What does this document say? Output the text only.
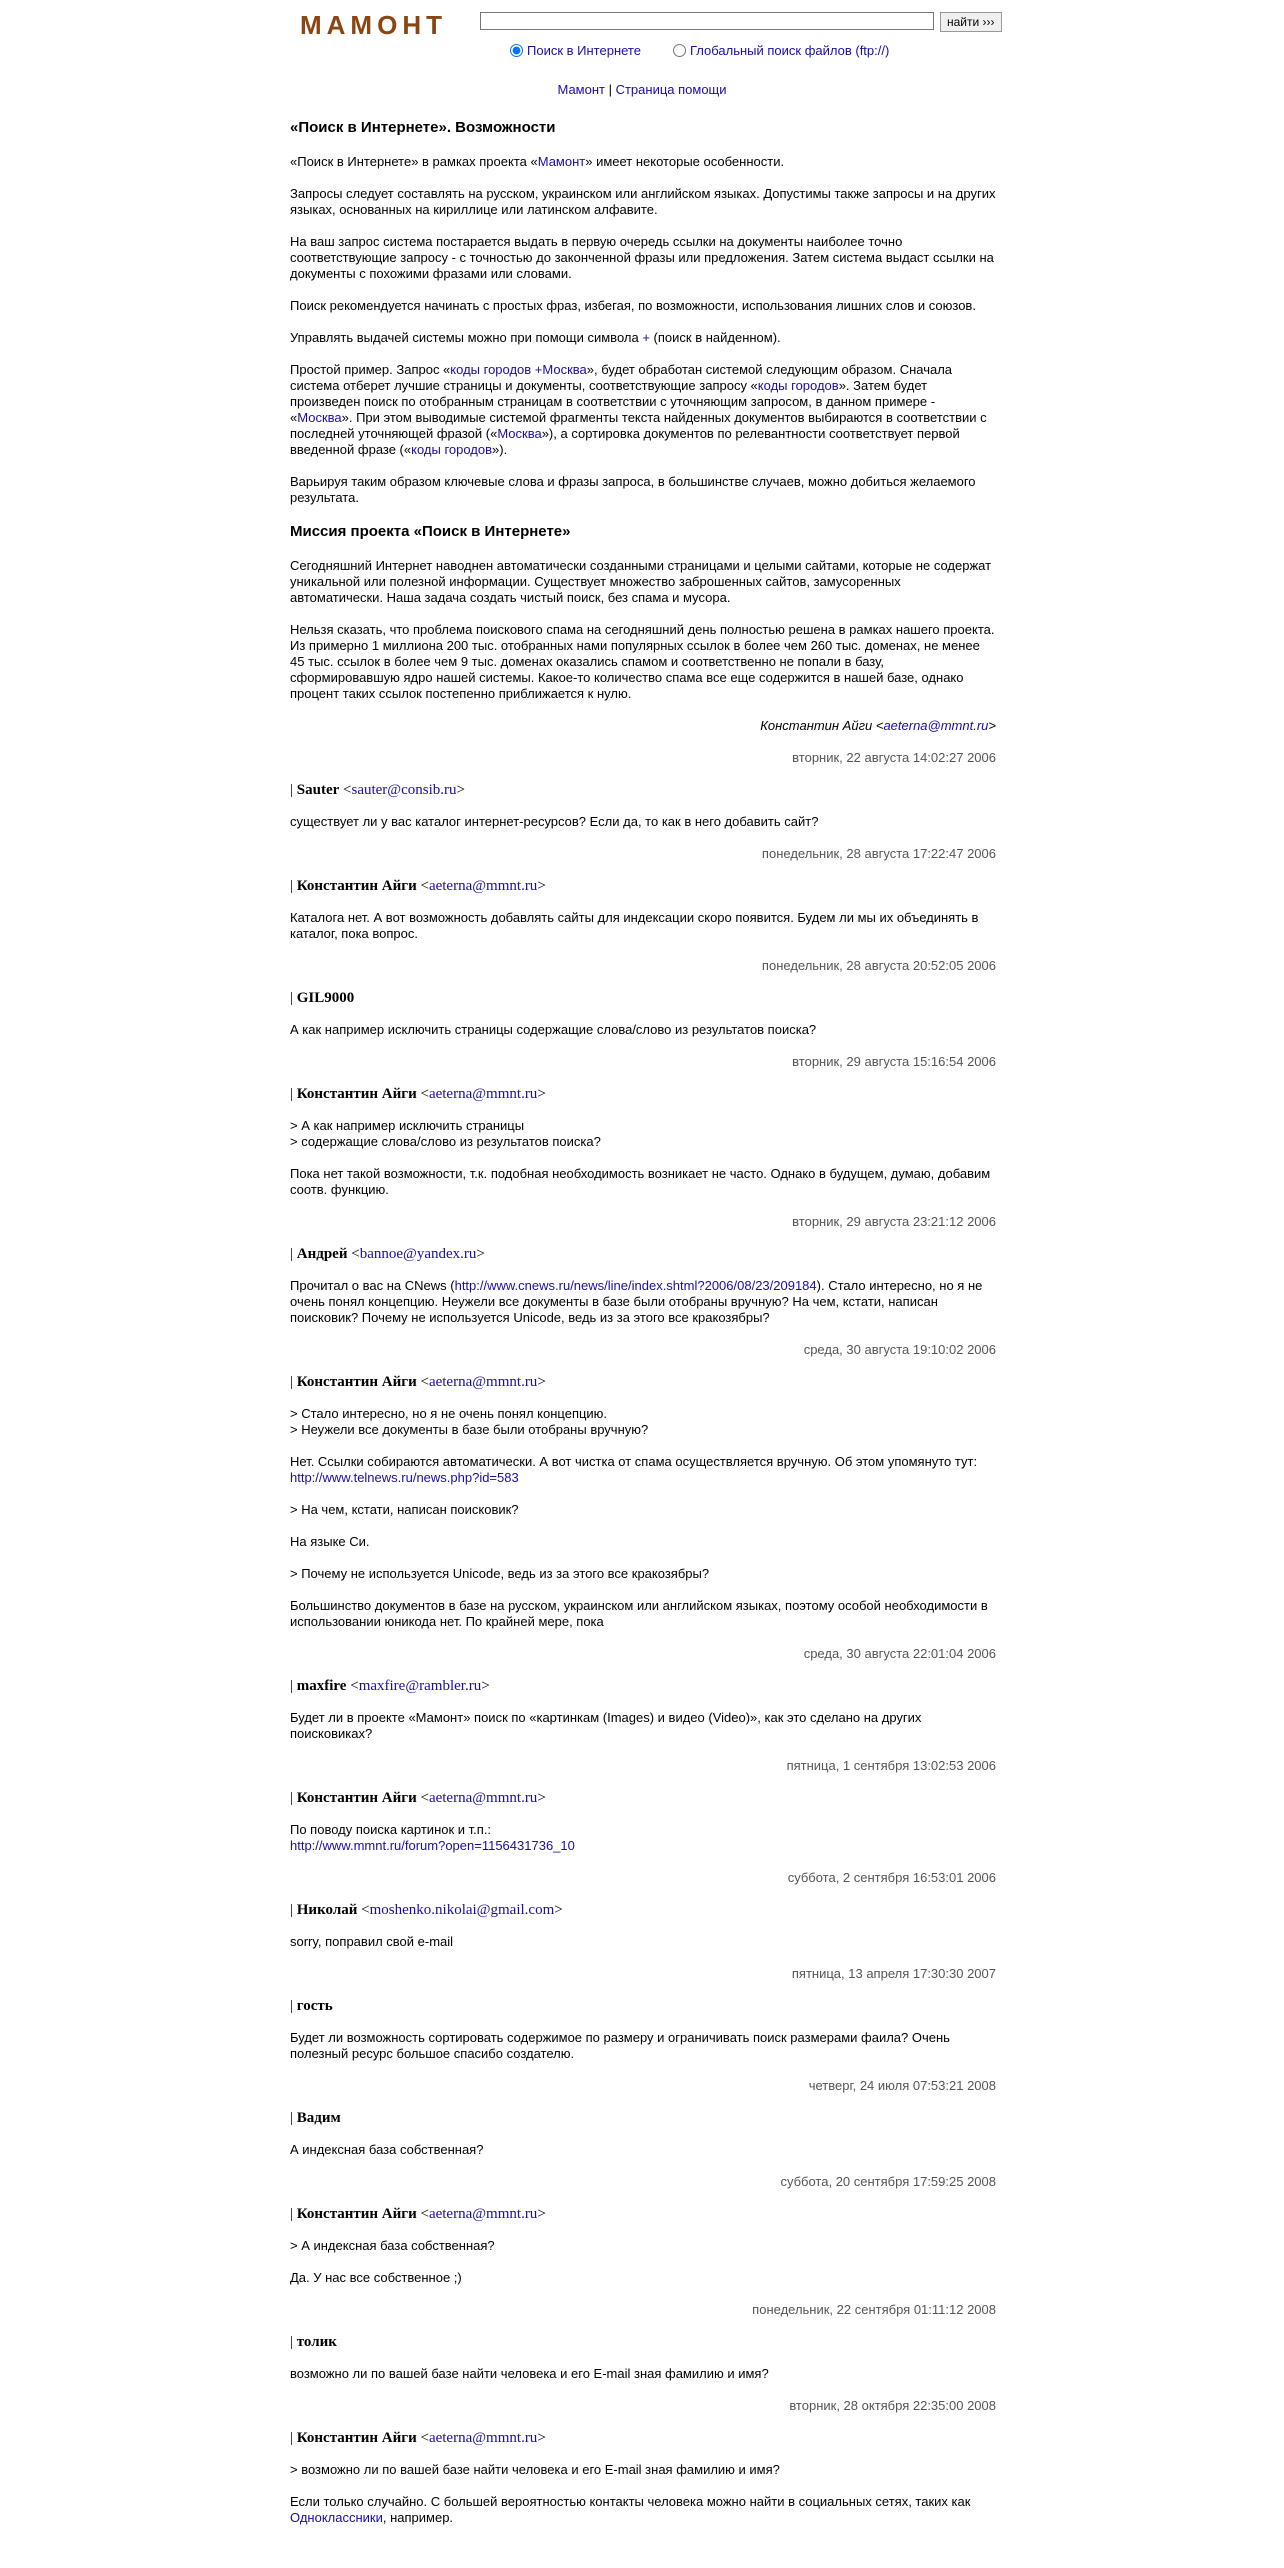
МАМОНТ	найти ›››
Поиск в Интернете	Глобальный поиск файлов (ftp://)
Мамонт | Страница помощи
«Поиск в Интернете». Возможности

«Поиск в Интернете» в рамках проекта «Мамонт» имеет некоторые особенности.

Запросы следует составлять на русском, украинском или английском языках. Допустимы также запросы и на других языках, основанных на кириллице или латинском алфавите.

На ваш запрос система постарается выдать в первую очередь ссылки на документы наиболее точно соответствующие запросу - с точностью до законченной фразы или предложения. Затем система выдаст ссылки на документы с похожими фразами или словами.

Поиск рекомендуется начинать с простых фраз, избегая, по возможности, использования лишних слов и союзов.

Управлять выдачей системы можно при помощи символа + (поиск в найденном).

Простой пример. Запрос «коды городов +Москва», будет обработан системой следующим образом. Сначала система отберет лучшие страницы и документы, соответствующие запросу «коды городов». Затем будет произведен поиск по отобранным страницам в соответствии с уточняющим запросом, в данном примере - «Москва». При этом выводимые системой фрагменты текста найденных документов выбираются в соответствии с последней уточняющей фразой («Москва»), а сортировка документов по релевантности соответствует первой введенной фразе («коды городов»).

Варьируя таким образом ключевые слова и фразы запроса, в большинстве случаев, можно добиться желаемого результата.

Миссия проекта «Поиск в Интернете»

Сегодняшний Интернет наводнен автоматически созданными страницами и целыми сайтами, которые не содержат уникальной или полезной информации. Существует множество заброшенных сайтов, замусоренных автоматически. Наша задача создать чистый поиск, без спама и мусора.

Нельзя сказать, что проблема поискового спама на сегодняшний день полностью решена в рамках нашего проекта. Из примерно 1 миллиона 200 тыс. отобранных нами популярных ссылок в более чем 260 тыс. доменах, не менее 45 тыс. ссылок в более чем 9 тыс. доменах оказались спамом и соответственно не попали в базу, сформировавшую ядро нашей системы. Какое-то количество спама все еще содержится в нашей базе, однако процент таких ссылок постепенно приближается к нулю.

Константин Айги <aeterna@mmnt.ru>
вторник, 22 августа 14:02:27 2006
| Sauter <sauter@consib.ru>

существует ли у вас каталог интернет-ресурсов? Если да, то как в него добавить сайт?

понедельник, 28 августа 17:22:47 2006
| Константин Айги <aeterna@mmnt.ru>

Каталога нет. А вот возможность добавлять сайты для индексации скоро появится. Будем ли мы их объединять в каталог, пока вопрос.

понедельник, 28 августа 20:52:05 2006
| GIL9000

А как например исключить страницы содержащие слова/слово из результатов поиска?

вторник, 29 августа 15:16:54 2006
| Константин Айги <aeterna@mmnt.ru>

> А как например исключить страницы
> содержащие слова/слово из результатов поиска?

Пока нет такой возможности, т.к. подобная необходимость возникает не часто. Однако в будущем, думаю, добавим соотв. функцию.

вторник, 29 августа 23:21:12 2006
| Андрей <bannoe@yandex.ru>

Прочитал о вас на CNews (http://www.cnews.ru/news/line/index.shtml?2006/08/23/209184). Стало интересно, но я не очень понял концепцию. Неужели все документы в базе были отобраны вручную? На чем, кстати, написан поисковик? Почему не используется Unicode, ведь из за этого все кракозябры?

среда, 30 августа 19:10:02 2006
| Константин Айги <aeterna@mmnt.ru>

> Стало интересно, но я не очень понял концепцию.
> Неужели все документы в базе были отобраны вручную?

Нет. Ссылки собираются автоматически. А вот чистка от спама осуществляется вручную. Об этом упомянуто тут: http://www.telnews.ru/news.php?id=583

> На чем, кстати, написан поисковик?

На языке Си.

> Почему не используется Unicode, ведь из за этого все кракозябры?

Большинство документов в базе на русском, украинском или английском языках, поэтому особой необходимости в использовании юникода нет. По крайней мере, пока

среда, 30 августа 22:01:04 2006
| maxfire <maxfire@rambler.ru>

Будет ли в проекте «Мамонт» поиск по «картинкам (Images) и видео (Video)», как это сделано на других поисковиках?

пятница, 1 сентября 13:02:53 2006
| Константин Айги <aeterna@mmnt.ru>

По поводу поиска картинок и т.п.:
http://www.mmnt.ru/forum?open=1156431736_10

суббота, 2 сентября 16:53:01 2006
| Николай <moshenko.nikolai@gmail.com>

sorry, поправил свой e-mail

пятница, 13 апреля 17:30:30 2007
| гость

Будет ли возможность сортировать содержимое по размеру и ограничивать поиск размерами фаила? Очень полезный ресурс большое спасибо создателю.

четверг, 24 июля 07:53:21 2008
| Вадим

А индексная база собственная?

суббота, 20 сентября 17:59:25 2008
| Константин Айги <aeterna@mmnt.ru>

> А индексная база собственная?

Да. У нас все собственное ;)

понедельник, 22 сентября 01:11:12 2008
| толик

возможно ли по вашей базе найти человека и его E-mail зная фамилию и имя?

вторник, 28 октября 22:35:00 2008
| Константин Айги <aeterna@mmnt.ru>

> возможно ли по вашей базе найти человека и его E-mail зная фамилию и имя?

Если только случайно. С большей вероятностью контакты человека можно найти в социальных сетях, таких как Одноклассники, например.
